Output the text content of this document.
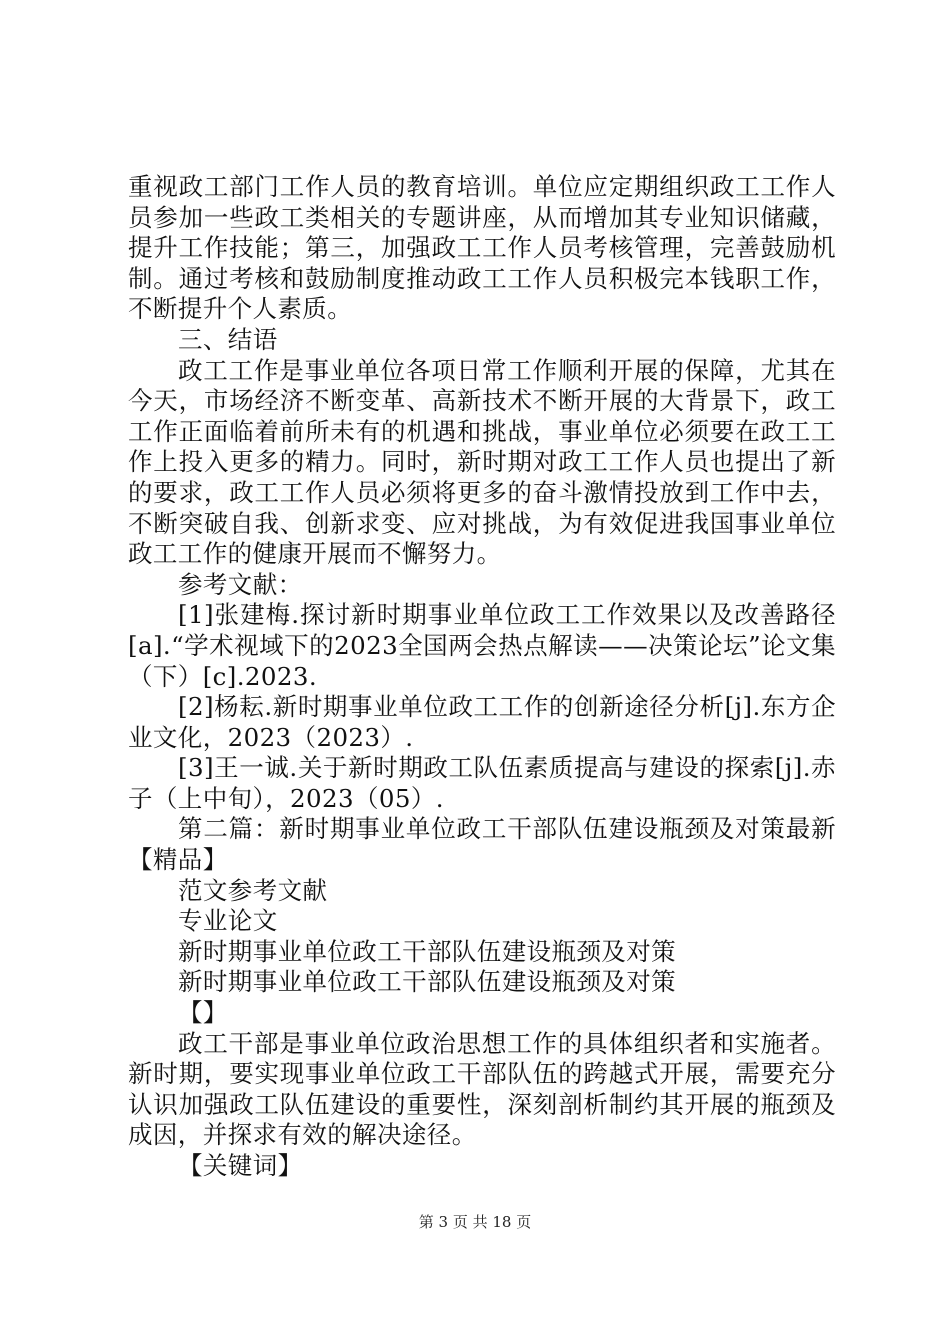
重视政工部门工作人员的教育培训。单位应定期组织政工工作人员参加一些政工类相关的专题讲座，从而增加其专业知识储藏，提升工作技能；第三，加强政工工作人员考核管理，完善鼓励机制。通过考核和鼓励制度推动政工工作人员积极完本钱职工作，不断提升个人素质。

三、结语

政工工作是事业单位各项日常工作顺利开展的保障，尤其在今天，市场经济不断变革、高新技术不断开展的大背景下，政工工作正面临着前所未有的机遇和挑战，事业单位必须要在政工工作上投入更多的精力。同时，新时期对政工工作人员也提出了新的要求，政工工作人员必须将更多的奋斗激情投放到工作中去，不断突破自我、创新求变、应对挑战，为有效促进我国事业单位政工工作的健康开展而不懈努力。

参考文献：

[1]张建梅.探讨新时期事业单位政工工作效果以及改善路径[a].“学术视域下的2023全国两会热点解读——决策论坛”论文集（下）[c].2023.

[2]杨耘.新时期事业单位政工工作的创新途径分析[j].东方企业文化，2023（2023）.

[3]王一诚.关于新时期政工队伍素质提高与建设的探索[j].赤子（上中旬），2023（05）.

第二篇：新时期事业单位政工干部队伍建设瓶颈及对策最新【精品】

范文参考文献

专业论文

新时期事业单位政工干部队伍建设瓶颈及对策

新时期事业单位政工干部队伍建设瓶颈及对策

【】

政工干部是事业单位政治思想工作的具体组织者和实施者。新时期，要实现事业单位政工干部队伍的跨越式开展，需要充分认识加强政工队伍建设的重要性，深刻剖析制约其开展的瓶颈及成因，并探求有效的解决途径。

【关键词】

第 3 页 共 18 页
